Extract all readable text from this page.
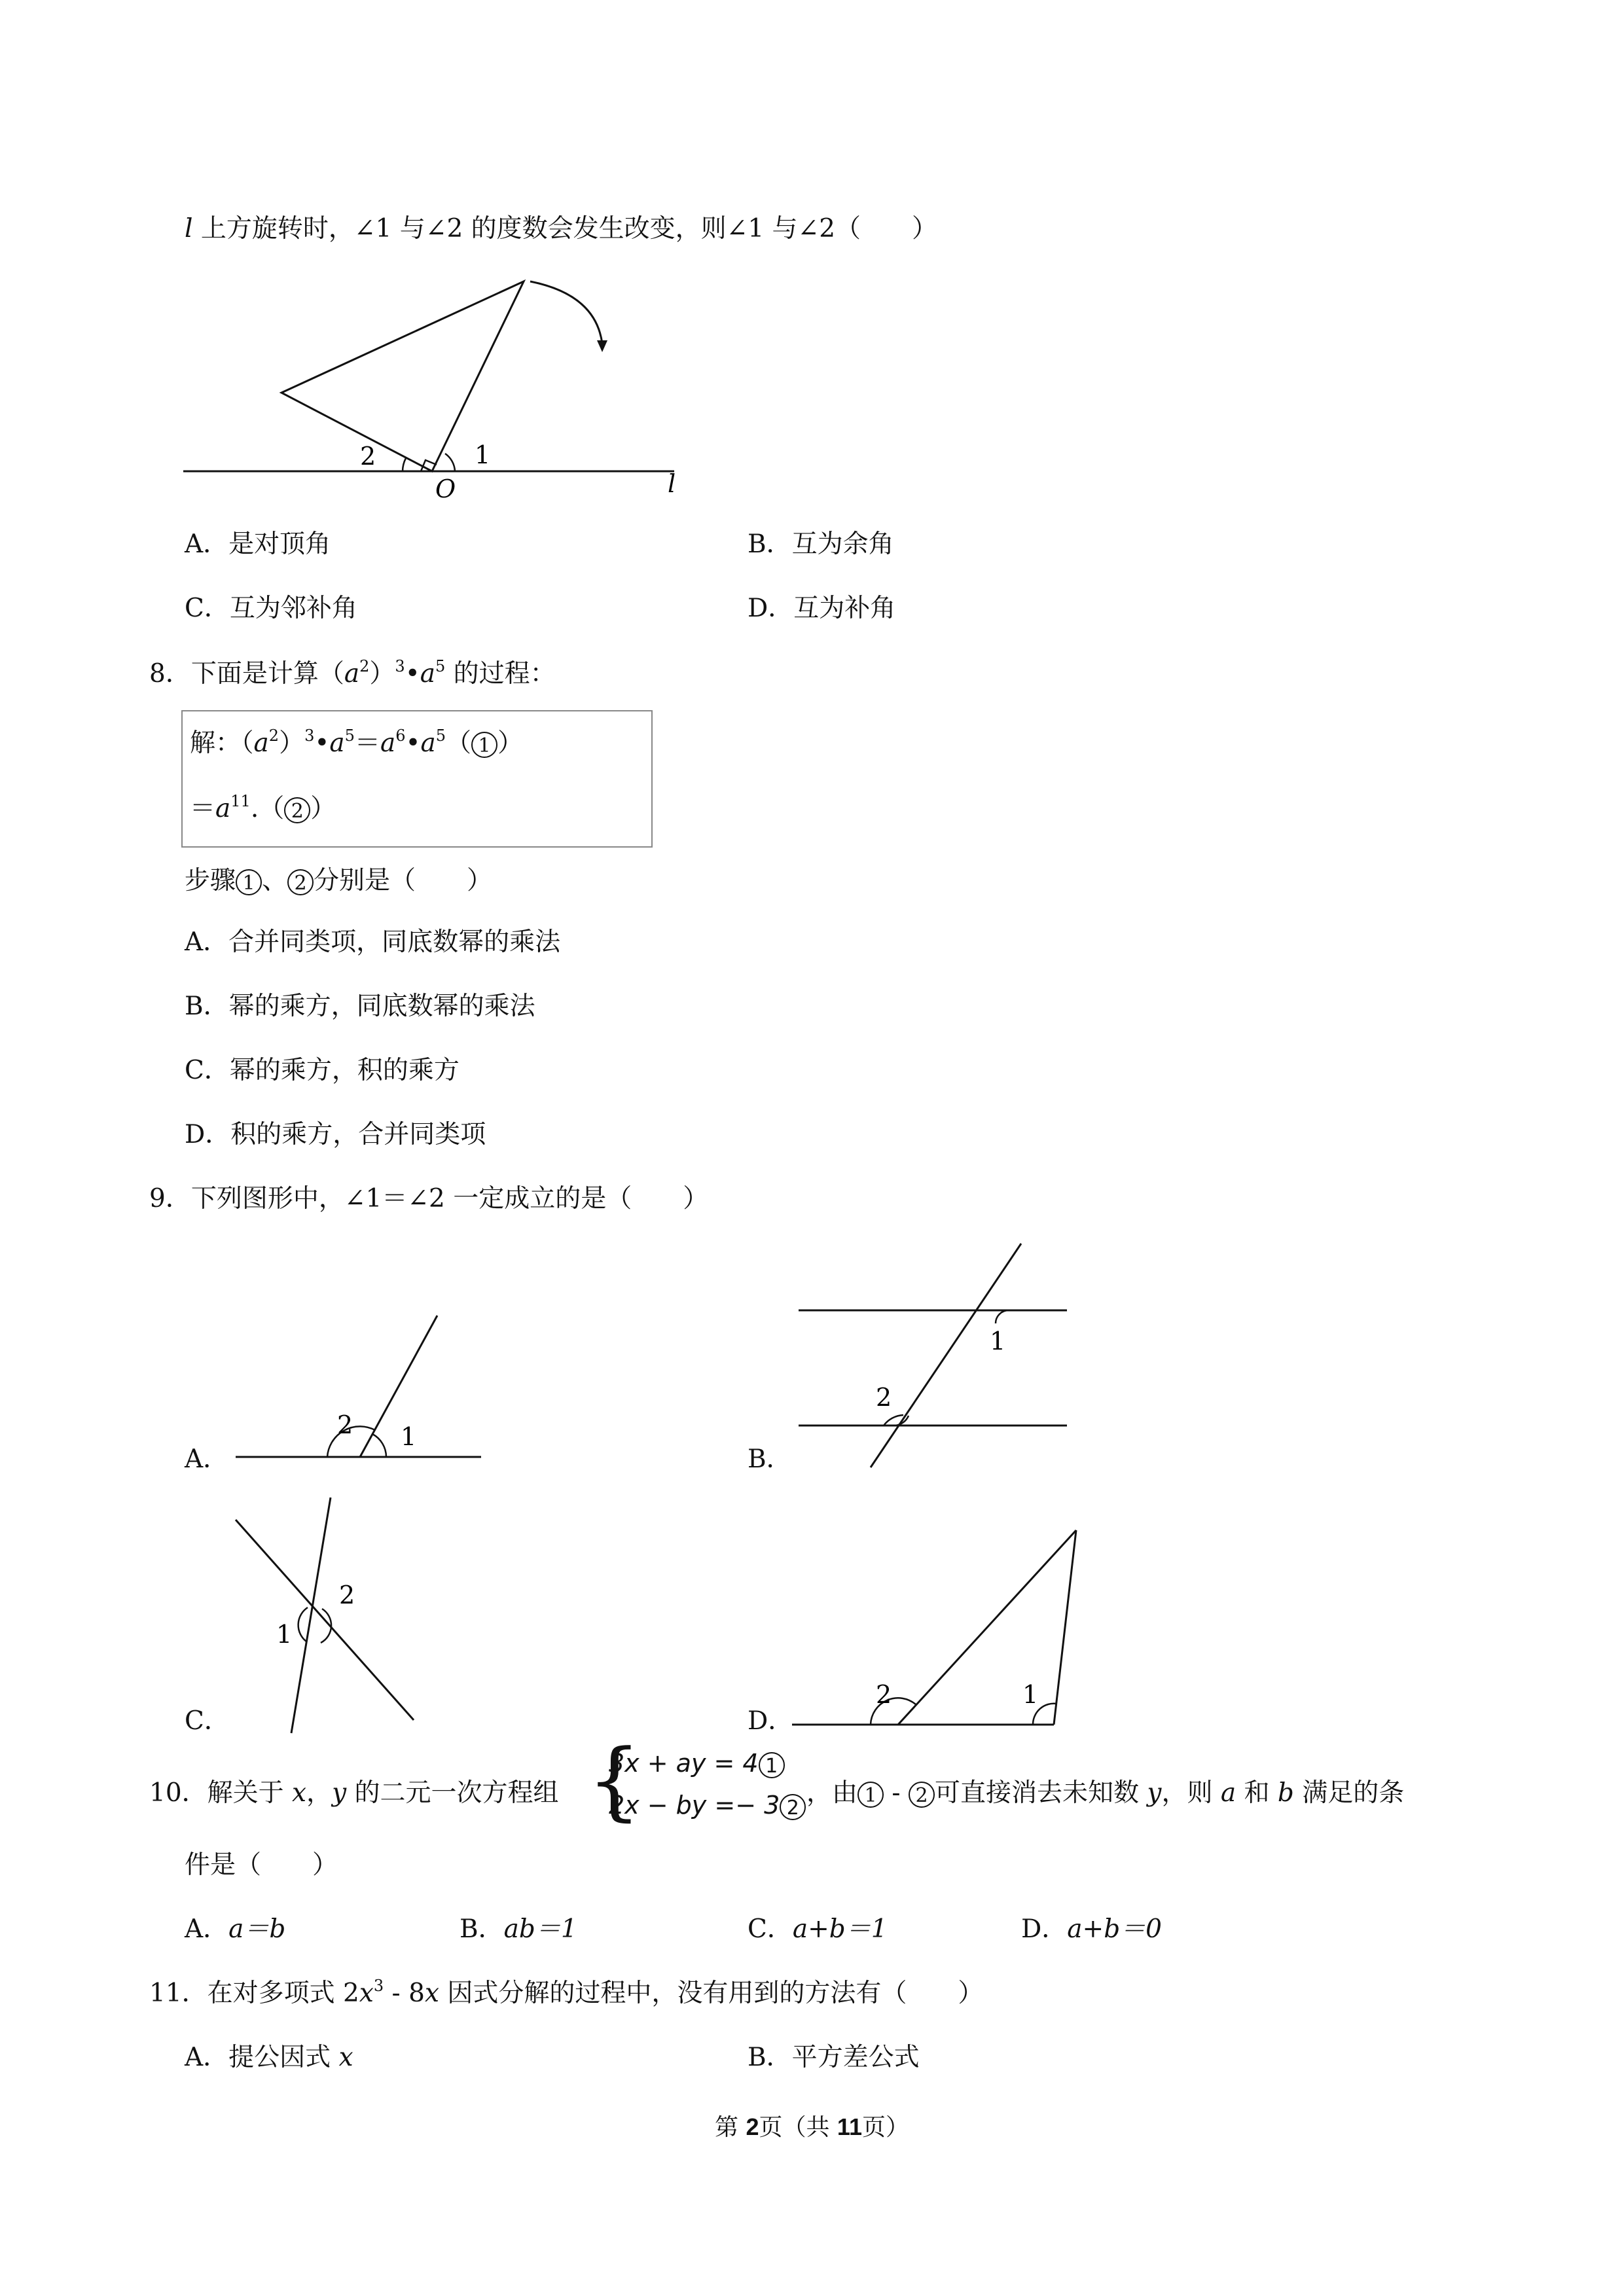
l 上方旋转时，∠1 与∠2 的度数会发生改变，则∠1 与∠2（　　）
2	1
O	l
A．是对顶角	B．互为余角
C．互为邻补角	D．互为补角
8．下面是计算$(a^2)^3•a^5$ 的过程：
解：$(a^2)^3•a^5=a^6•a^5$（ 1 ）
$=a^{11}$.（ 2 ）
步骤 1 、 2 分别是（　　）
A．合并同类项，同底数幂的乘法
B．幂的乘方，同底数幂的乘法
C．幂的乘方，积的乘方
D．积的乘方，合并同类项
9．下列图形中，∠1＝∠2 一定成立的是（　　）
A．
2 1
B．
1
2
C．
2
1
D．
2	1
10．解关于 x，y 的二元一次方程组 {
3x + ay = 4 1
2x − by =− 3 2 ，由 1 - 2 可直接消去未知数 y，则 a 和 b 满足的条
件是（　　）
A．a＝b	B．ab＝1	C．a+b＝1	D．a+b＝0
11．在对多项式 $2x^3 - 8x$ 因式分解的过程中，没有用到的方法有（　　）
A．提公因式 x	B．平方差公式
第 2页（共 11页）
